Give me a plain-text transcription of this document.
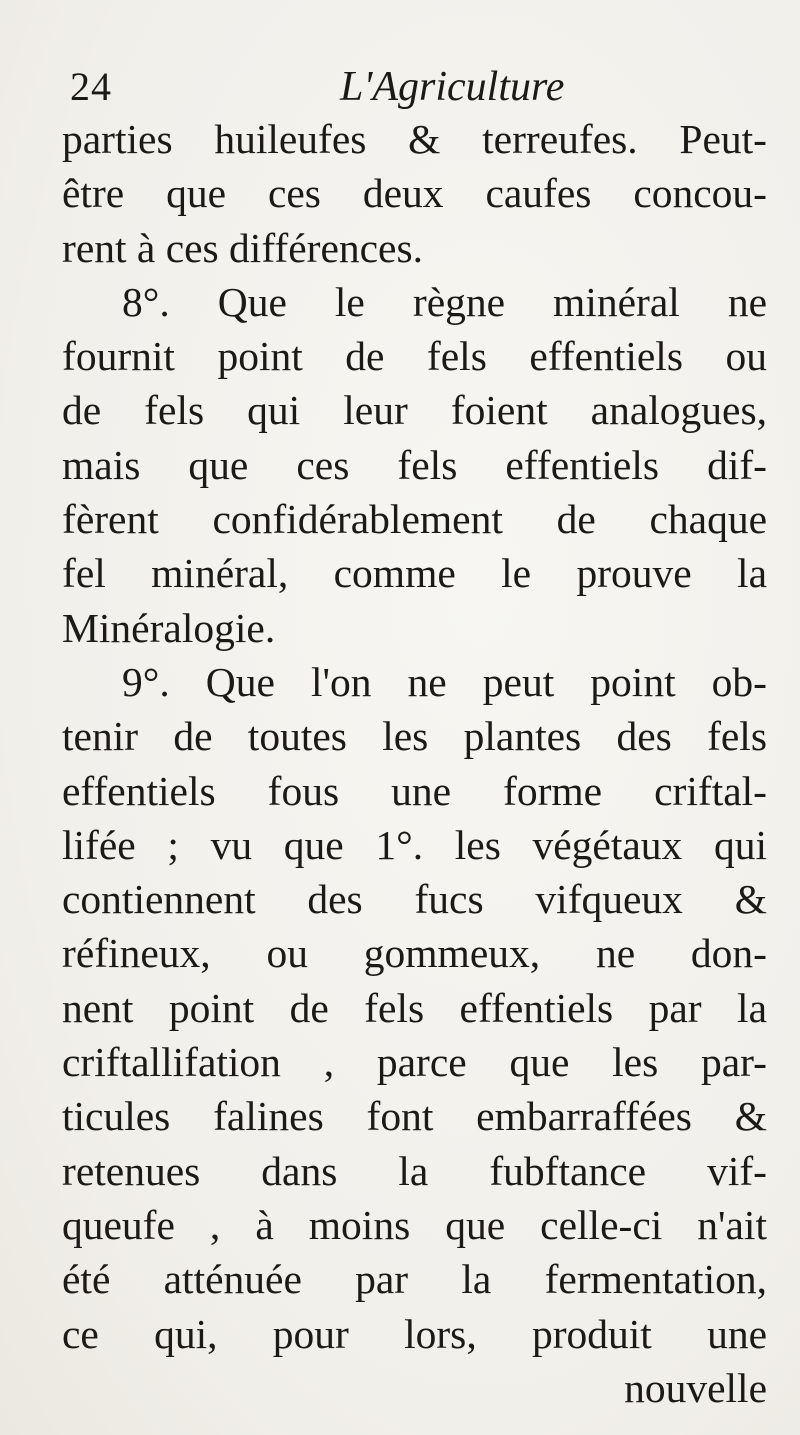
24	L'Agriculture
parties huileufes & terreufes. Peut-
être que ces deux caufes concou-
rent à ces différences.
8°. Que le règne minéral ne
fournit point de fels effentiels ou
de fels qui leur foient analogues,
mais que ces fels effentiels dif-
fèrent confidérablement de chaque
fel minéral, comme le prouve la
Minéralogie.
9°. Que l'on ne peut point ob-
tenir de toutes les plantes des fels
effentiels fous une forme criftal-
lifée ; vu que 1°. les végétaux qui
contiennent des fucs vifqueux &
réfineux, ou gommeux, ne don-
nent point de fels effentiels par la
criftallifation , parce que les par-
ticules falines font embarraffées &
retenues dans la fubftance vif-
queufe , à moins que celle-ci n'ait
été atténuée par la fermentation,
ce qui, pour lors, produit une
nouvelle
